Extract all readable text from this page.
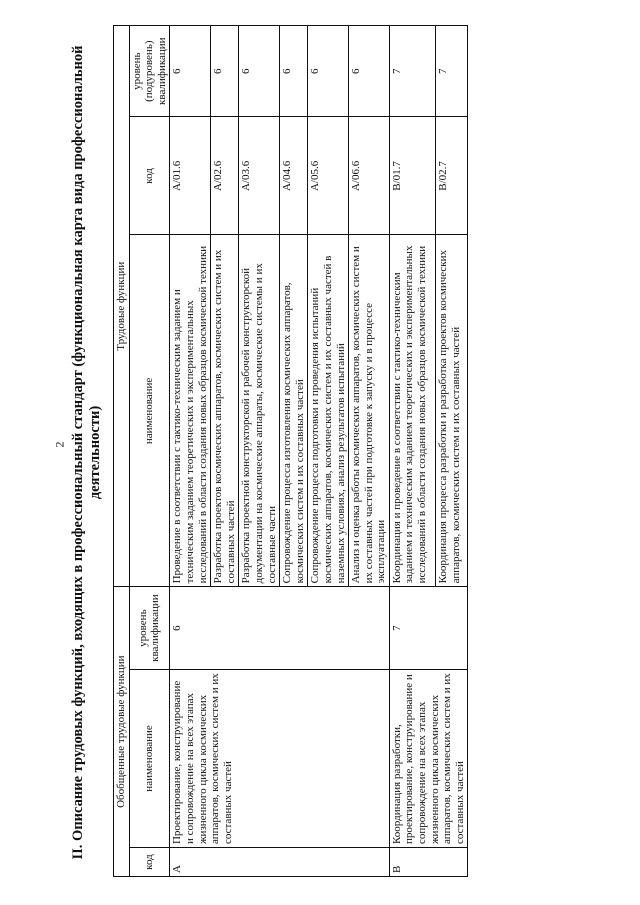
2 II. Описание трудовых функций, входящих в профессиональный стандарт (функциональная карта вида профессиональной деятельности)
Обобщенные трудовые функции			Трудовые функции		
код	наименование	уровень квалификации	наименование	код	уровень (подуровень) квалификации
A	Проектирование, конструирование и сопровождение на всех этапах жизненного цикла космических аппаратов, космических систем и их составных частей	6	Проведение в соответствии с тактико-техническим заданием и техническим заданием теоретических и экспериментальных исследований в области создания новых образцов космической техники	A/01.6	6
			Разработка проектов космических аппаратов, космических систем и их составных частей	A/02.6	6
			Разработка проектной конструкторской и рабочей конструкторской документации на космические аппараты, космические системы и их составные части	A/03.6	6
			Сопровождение процесса изготовления космических аппаратов, космических систем и их составных частей	A/04.6	6
			Сопровождение процесса подготовки и проведения испытаний космических аппаратов, космических систем и их составных частей в наземных условиях, анализ результатов испытаний	A/05.6	6
			Анализ и оценка работы космических аппаратов, космических систем и их составных частей при подготовке к запуску и в процессе эксплуатации	A/06.6	6
B	Координация разработки, проектирование, конструирование и сопровождение на всех этапах жизненного цикла космических аппаратов, космических систем и их составных частей	7	Координация и проведение в соответствии с тактико-техническим заданием и техническим заданием теоретических и экспериментальных исследований в области создания новых образцов космической техники	B/01.7	7
			Координация процесса разработки и разработка проектов космических аппаратов, космических систем и их составных частей	B/02.7	7
